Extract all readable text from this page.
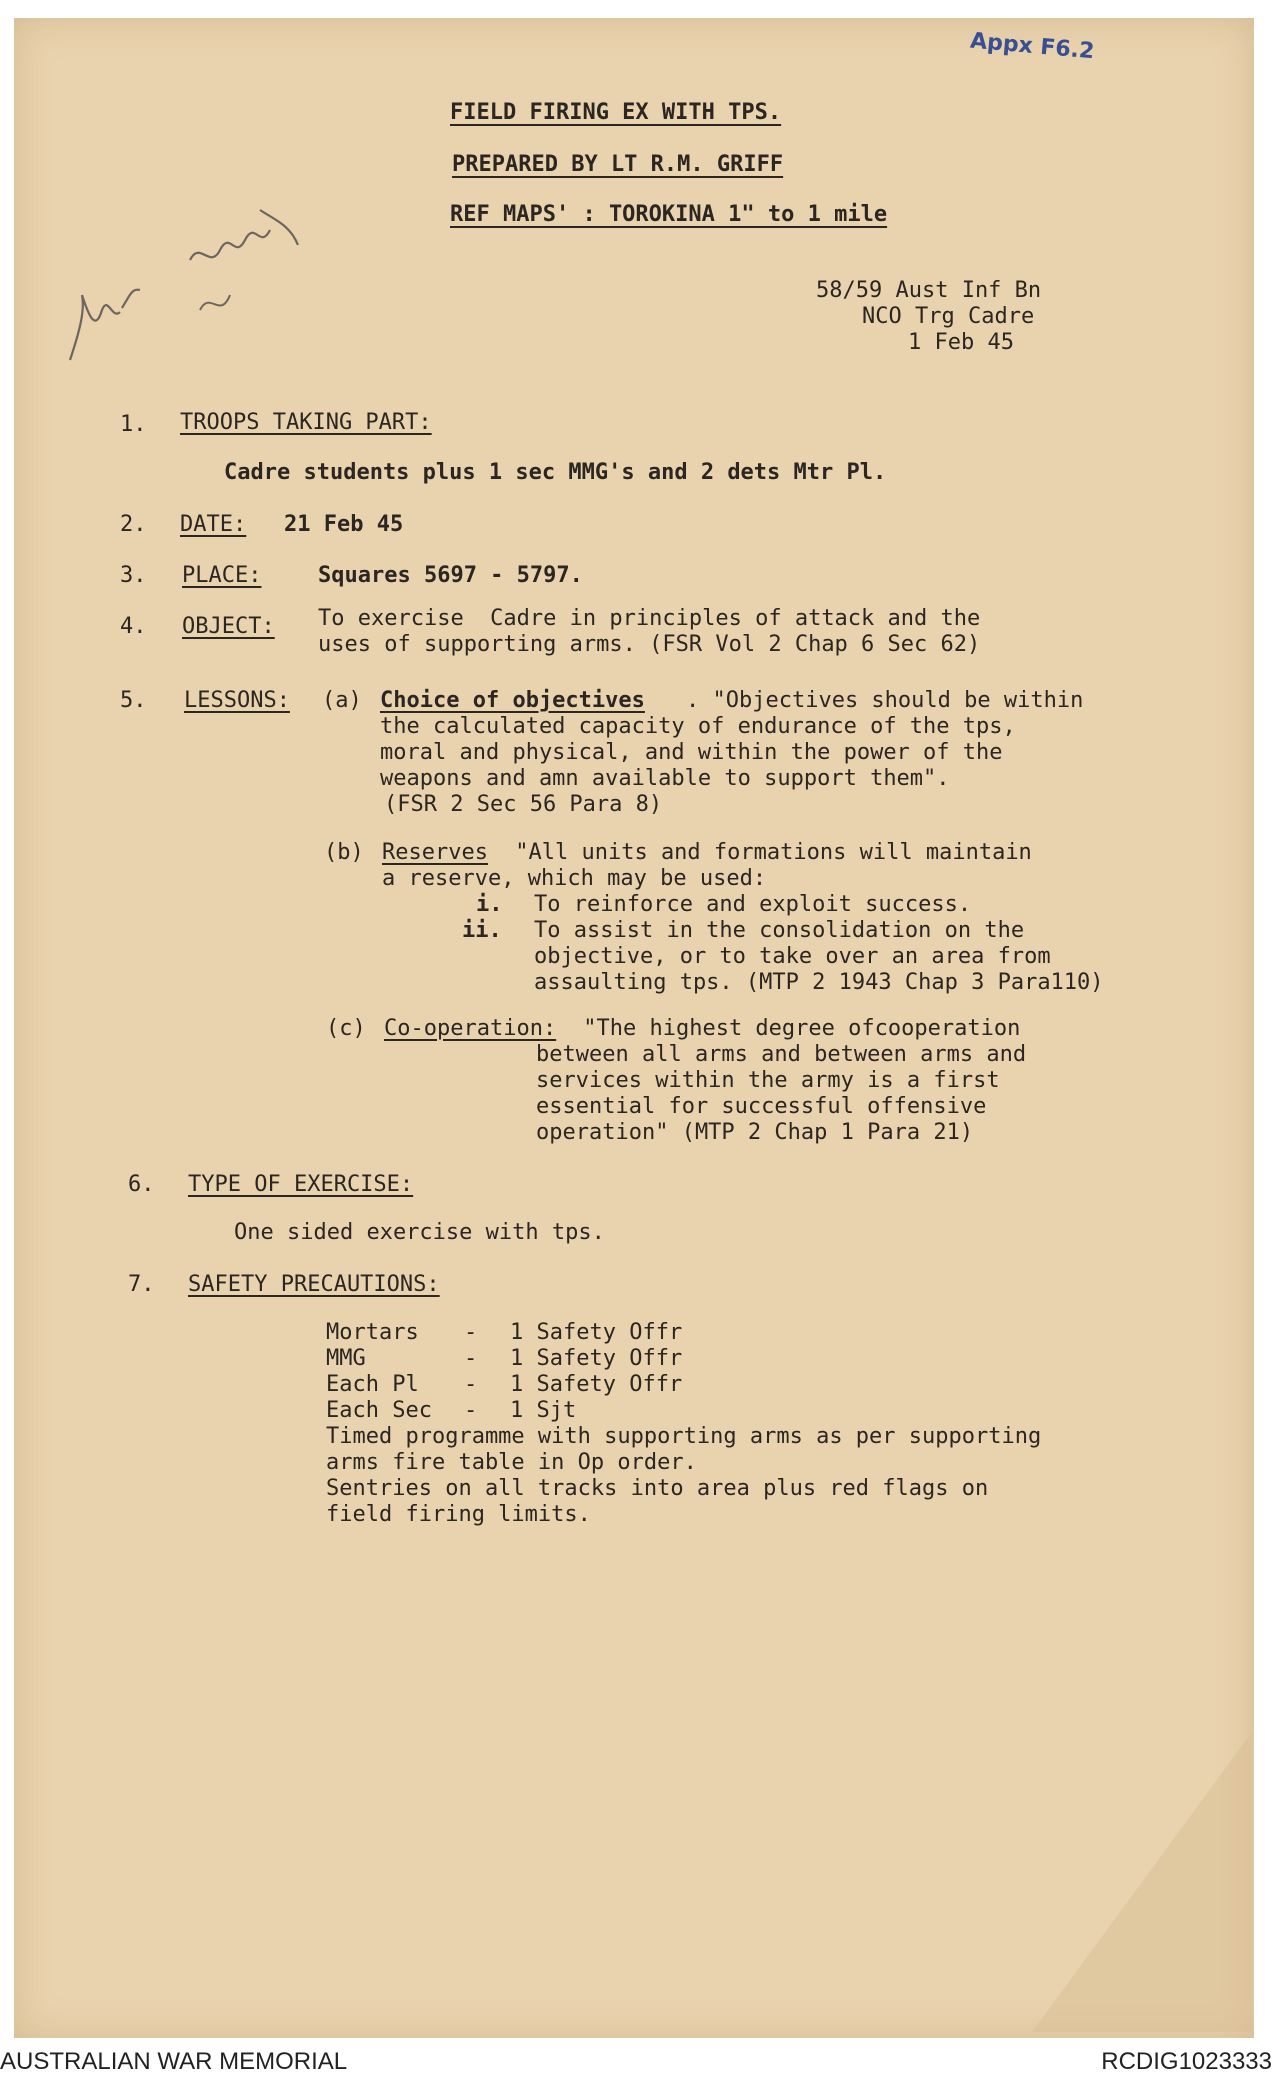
Appx F6.2
FIELD FIRING EX WITH TPS.
PREPARED BY LT R.M. GRIFF
REF MAPS' : TOROKINA 1" to 1 mile
58/59 Aust Inf Bn
NCO Trg Cadre
1 Feb 45
1. TROOPS TAKING PART:
Cadre students plus 1 sec MMG's and 2 dets Mtr Pl.
2. DATE: 21 Feb 45
3. PLACE:	Squares 5697 - 5797.
4. OBJECT: To exercise  Cadre in principles of attack and the
uses of supporting arms. (FSR Vol 2 Chap 6 Sec 62)
5. LESSONS: (a) Choice of objectives . "Objectives should be within
the calculated capacity of endurance of the tps,
moral and physical, and within the power of the
weapons and amn available to support them".
(FSR 2 Sec 56 Para 8)
(b) Reserves "All units and formations will maintain
a reserve, which may be used:
i. To reinforce and exploit success.
ii. To assist in the consolidation on the
objective, or to take over an area from
assaulting tps. (MTP 2 1943 Chap 3 Para110)
(c) Co-operation: "The highest degree ofcooperation
between all arms and between arms and
services within the army is a first
essential for successful offensive
operation" (MTP 2 Chap 1 Para 21)
6. TYPE OF EXERCISE:
One sided exercise with tps.
7. SAFETY PRECAUTIONS:
Mortars - 1 Safety Offr
MMG	- 1 Safety Offr
Each Pl - 1 Safety Offr
Each Sec - 1 Sjt
Timed programme with supporting arms as per supporting
arms fire table in Op order.
Sentries on all tracks into area plus red flags on
field firing limits.
AUSTRALIAN WAR MEMORIAL	RCDIG1023333
